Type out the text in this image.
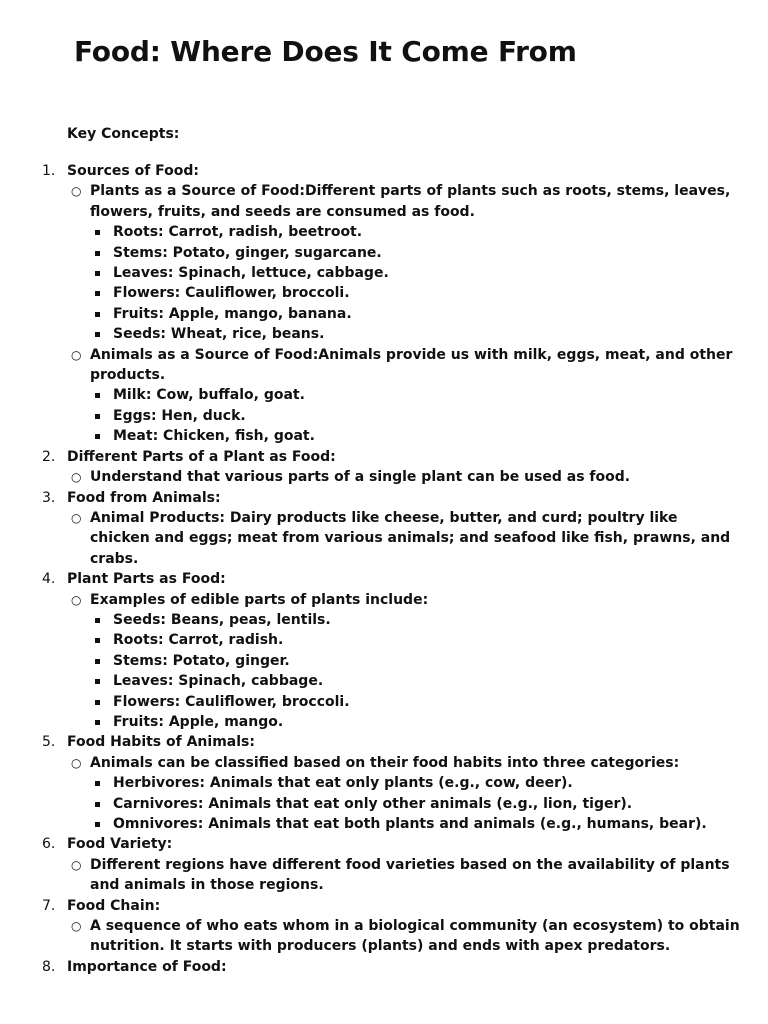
Food: Where Does It Come From

Key Concepts:

1. Sources of Food:
○ Plants as a Source of Food:Different parts of plants such as roots, stems, leaves, flowers, fruits, and seeds are consumed as food.
Roots: Carrot, radish, beetroot.
Stems: Potato, ginger, sugarcane.
Leaves: Spinach, lettuce, cabbage.
Flowers: Cauliflower, broccoli.
Fruits: Apple, mango, banana.
Seeds: Wheat, rice, beans.
○ Animals as a Source of Food:Animals provide us with milk, eggs, meat, and other products.
Milk: Cow, buffalo, goat.
Eggs: Hen, duck.
Meat: Chicken, fish, goat.
2. Different Parts of a Plant as Food:
○ Understand that various parts of a single plant can be used as food.
3. Food from Animals:
○ Animal Products: Dairy products like cheese, butter, and curd; poultry like chicken and eggs; meat from various animals; and seafood like fish, prawns, and crabs.
4. Plant Parts as Food:
○ Examples of edible parts of plants include:
Seeds: Beans, peas, lentils.
Roots: Carrot, radish.
Stems: Potato, ginger.
Leaves: Spinach, cabbage.
Flowers: Cauliflower, broccoli.
Fruits: Apple, mango.
5. Food Habits of Animals:
○ Animals can be classified based on their food habits into three categories:
Herbivores: Animals that eat only plants (e.g., cow, deer).
Carnivores: Animals that eat only other animals (e.g., lion, tiger).
Omnivores: Animals that eat both plants and animals (e.g., humans, bear).
6. Food Variety:
○ Different regions have different food varieties based on the availability of plants and animals in those regions.
7. Food Chain:
○ A sequence of who eats whom in a biological community (an ecosystem) to obtain nutrition. It starts with producers (plants) and ends with apex predators.
8. Importance of Food:
